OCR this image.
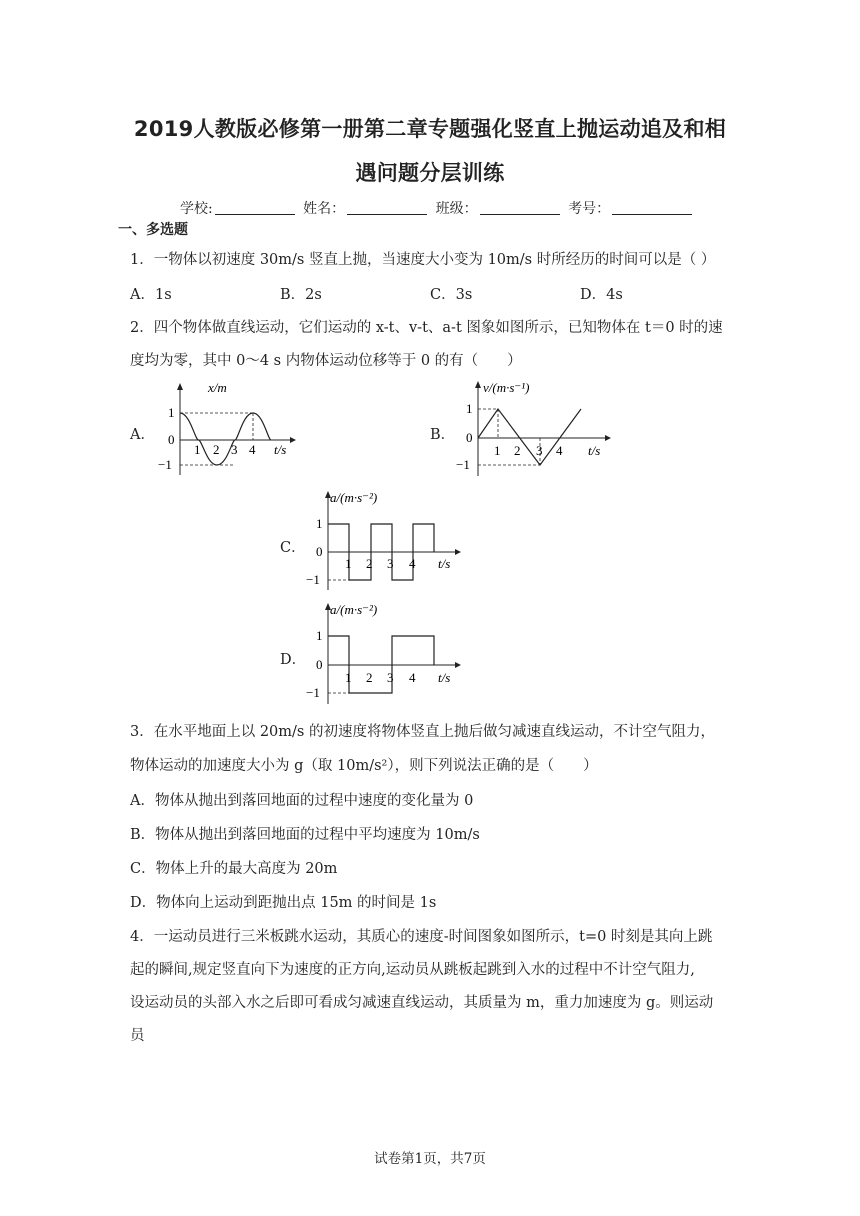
2019人教版必修第一册第二章专题强化竖直上抛运动追及和相
遇问题分层训练
学校:	姓名：	班级：	考号：
一、多选题
1．一物体以初速度 30m/s 竖直上抛，当速度大小变为 10m/s 时所经历的时间可以是（ ）
A．1s	B．2s	C．3s	D．4s
2．四个物体做直线运动，它们运动的 x-t、v-t、a-t 图象如图所示，已知物体在 t＝0 时的速
度均为零，其中 0～4 s 内物体运动位移等于 0 的有（　　）
A．
x/m
1
0
−1
1 2 3 4 t/s
B．
v/(m·s⁻¹)
1
0
−1
1 2 3 4 t/s
C．
a/(m·s⁻²)
1
0
−1
1 2 3 4 t/s
D．
a/(m·s⁻²)
1
0
−1
1 2 3 4 t/s
3．在水平地面上以 20m/s 的初速度将物体竖直上抛后做匀减速直线运动，不计空气阻力，
物体运动的加速度大小为 g（取 10m/s²），则下列说法正确的是（　　）
A．物体从抛出到落回地面的过程中速度的变化量为 0
B．物体从抛出到落回地面的过程中平均速度为 10m/s
C．物体上升的最大高度为 20m
D．物体向上运动到距抛出点 15m 的时间是 1s
4．一运动员进行三米板跳水运动，其质心的速度-时间图象如图所示，t=0 时刻是其向上跳
起的瞬间,规定竖直向下为速度的正方向,运动员从跳板起跳到入水的过程中不计空气阻力,
设运动员的头部入水之后即可看成匀减速直线运动，其质量为 m，重力加速度为 g。则运动
员
试卷第1页，共7页
